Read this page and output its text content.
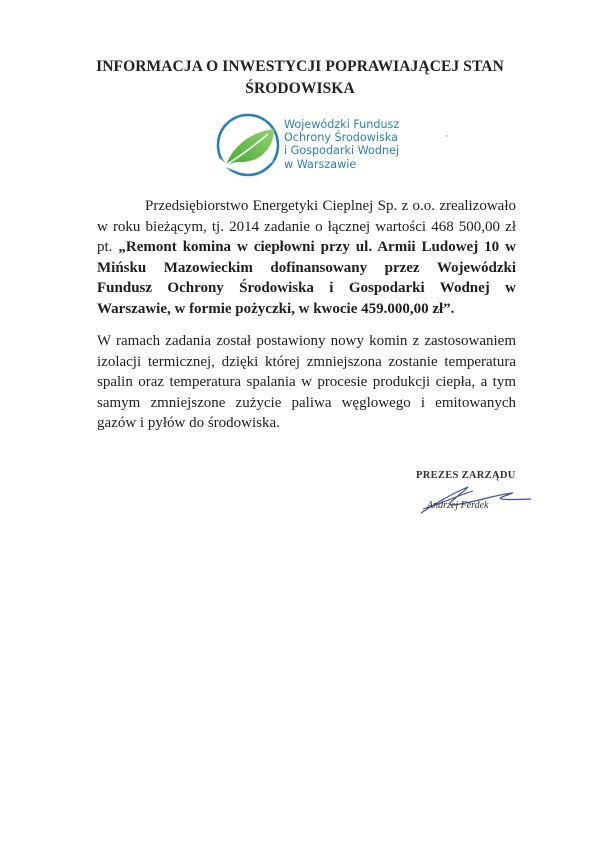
INFORMACJA O INWESTYCJI POPRAWIAJĄCEJ STAN
ŚRODOWISKA
Wojewódzki Fundusz
Ochrony Środowiska
i Gospodarki Wodnej
w Warszawie
'
Przedsiębiorstwo Energetyki Cieplnej Sp. z o.o. zrealizowało w roku bieżącym, tj. 2014 zadanie o łącznej wartości 468 500,00 zł pt. „Remont komina w ciepłowni przy ul. Armii Ludowej 10 w Mińsku Mazowieckim dofinansowany przez Wojewódzki Fundusz Ochrony Środowiska i Gospodarki Wodnej w Warszawie, w formie pożyczki, w kwocie 459.000,00 zł”.
W ramach zadania został postawiony nowy komin z zastosowaniem izolacji termicznej, dzięki której zmniejszona zostanie temperatura spalin oraz temperatura spalania w procesie produkcji ciepła, a tym samym zmniejszone zużycie paliwa węglowego i emitowanych gazów i pyłów do środowiska.
PREZES ZARZĄDU
Andrzej Ferdek
